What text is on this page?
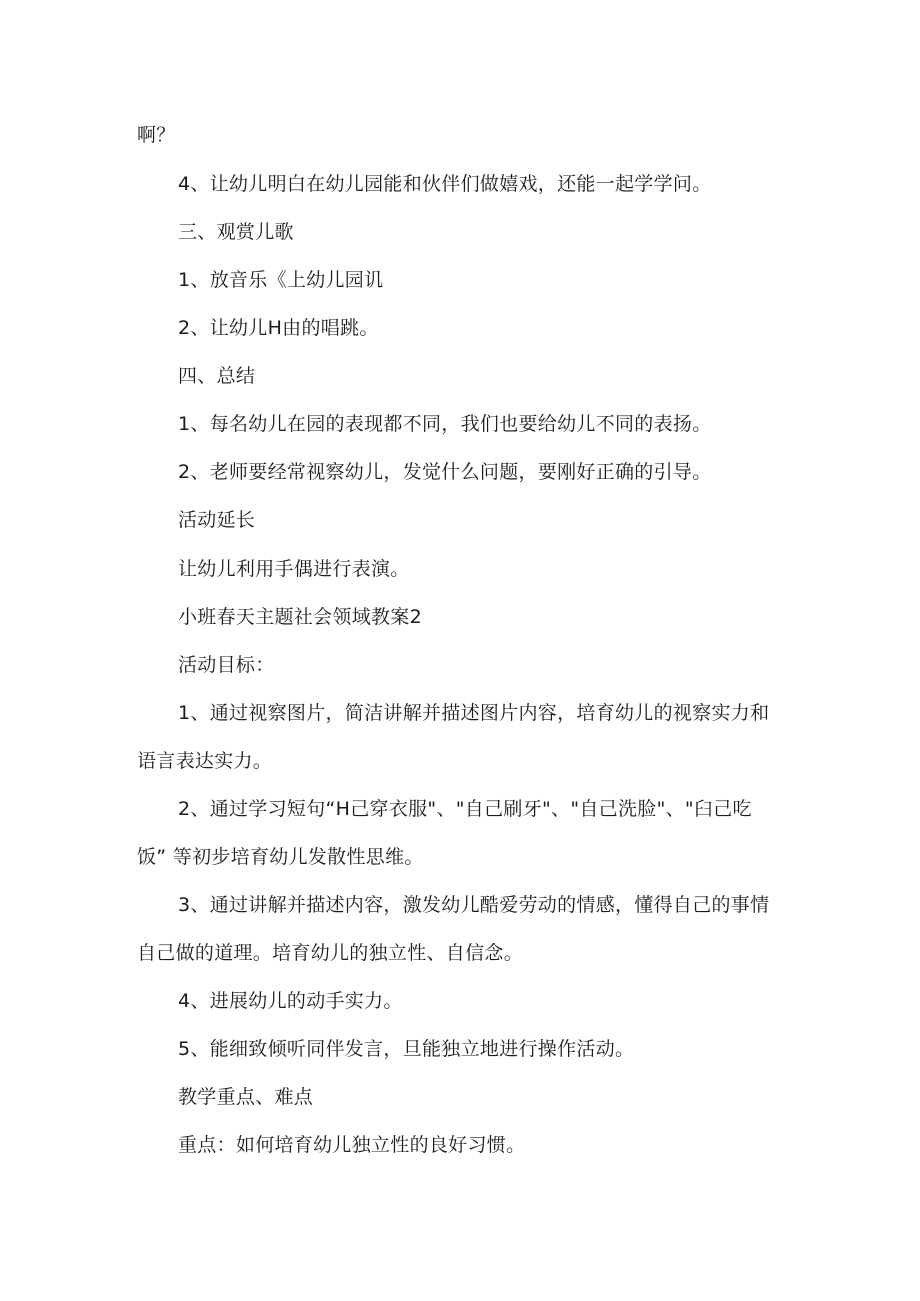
啊？
4、让幼儿明白在幼儿园能和伙伴们做嬉戏，还能一起学学问。
三、观赏儿歌
1、放音乐《上幼儿园讥
2、让幼儿H由的唱跳。
四、总结
1、每名幼儿在园的表现都不同，我们也要给幼儿不同的表扬。
2、老师要经常视察幼儿，发觉什么问题，要刚好正确的引导。
活动延长
让幼儿利用手偶进行表演。
小班春天主题社会领域教案2
活动目标：
1、通过视察图片，简洁讲解并描述图片内容，培育幼儿的视察实力和
语言表达实力。
2、通过学习短句“H己穿衣服"、"自己刷牙"、"自己洗脸"、"臼己吃
饭” 等初步培育幼儿发散性思维。
3、通过讲解并描述内容，激发幼儿酷爱劳动的情感，懂得自己的事情
自己做的道理。培育幼儿的独立性、自信念。
4、进展幼儿的动手实力。
5、能细致倾听同伴发言，旦能独立地进行操作活动。
教学重点、难点
重点：如何培育幼儿独立性的良好习惯。
